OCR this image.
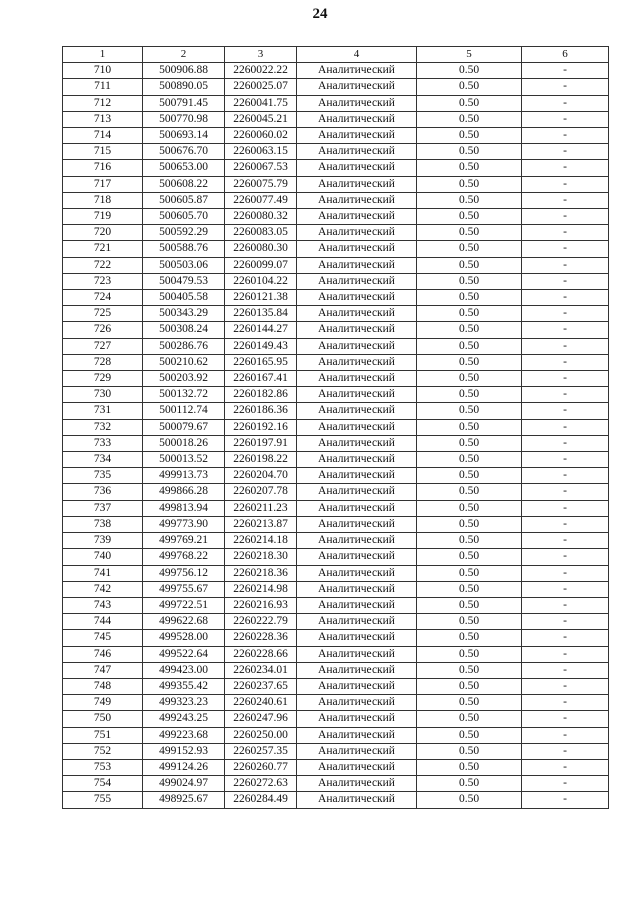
24
1	2	3	4	5	6
710	500906.88	2260022.22	Аналитический	0.50	-
711	500890.05	2260025.07	Аналитический	0.50	-
712	500791.45	2260041.75	Аналитический	0.50	-
713	500770.98	2260045.21	Аналитический	0.50	-
714	500693.14	2260060.02	Аналитический	0.50	-
715	500676.70	2260063.15	Аналитический	0.50	-
716	500653.00	2260067.53	Аналитический	0.50	-
717	500608.22	2260075.79	Аналитический	0.50	-
718	500605.87	2260077.49	Аналитический	0.50	-
719	500605.70	2260080.32	Аналитический	0.50	-
720	500592.29	2260083.05	Аналитический	0.50	-
721	500588.76	2260080.30	Аналитический	0.50	-
722	500503.06	2260099.07	Аналитический	0.50	-
723	500479.53	2260104.22	Аналитический	0.50	-
724	500405.58	2260121.38	Аналитический	0.50	-
725	500343.29	2260135.84	Аналитический	0.50	-
726	500308.24	2260144.27	Аналитический	0.50	-
727	500286.76	2260149.43	Аналитический	0.50	-
728	500210.62	2260165.95	Аналитический	0.50	-
729	500203.92	2260167.41	Аналитический	0.50	-
730	500132.72	2260182.86	Аналитический	0.50	-
731	500112.74	2260186.36	Аналитический	0.50	-
732	500079.67	2260192.16	Аналитический	0.50	-
733	500018.26	2260197.91	Аналитический	0.50	-
734	500013.52	2260198.22	Аналитический	0.50	-
735	499913.73	2260204.70	Аналитический	0.50	-
736	499866.28	2260207.78	Аналитический	0.50	-
737	499813.94	2260211.23	Аналитический	0.50	-
738	499773.90	2260213.87	Аналитический	0.50	-
739	499769.21	2260214.18	Аналитический	0.50	-
740	499768.22	2260218.30	Аналитический	0.50	-
741	499756.12	2260218.36	Аналитический	0.50	-
742	499755.67	2260214.98	Аналитический	0.50	-
743	499722.51	2260216.93	Аналитический	0.50	-
744	499622.68	2260222.79	Аналитический	0.50	-
745	499528.00	2260228.36	Аналитический	0.50	-
746	499522.64	2260228.66	Аналитический	0.50	-
747	499423.00	2260234.01	Аналитический	0.50	-
748	499355.42	2260237.65	Аналитический	0.50	-
749	499323.23	2260240.61	Аналитический	0.50	-
750	499243.25	2260247.96	Аналитический	0.50	-
751	499223.68	2260250.00	Аналитический	0.50	-
752	499152.93	2260257.35	Аналитический	0.50	-
753	499124.26	2260260.77	Аналитический	0.50	-
754	499024.97	2260272.63	Аналитический	0.50	-
755	498925.67	2260284.49	Аналитический	0.50	-
